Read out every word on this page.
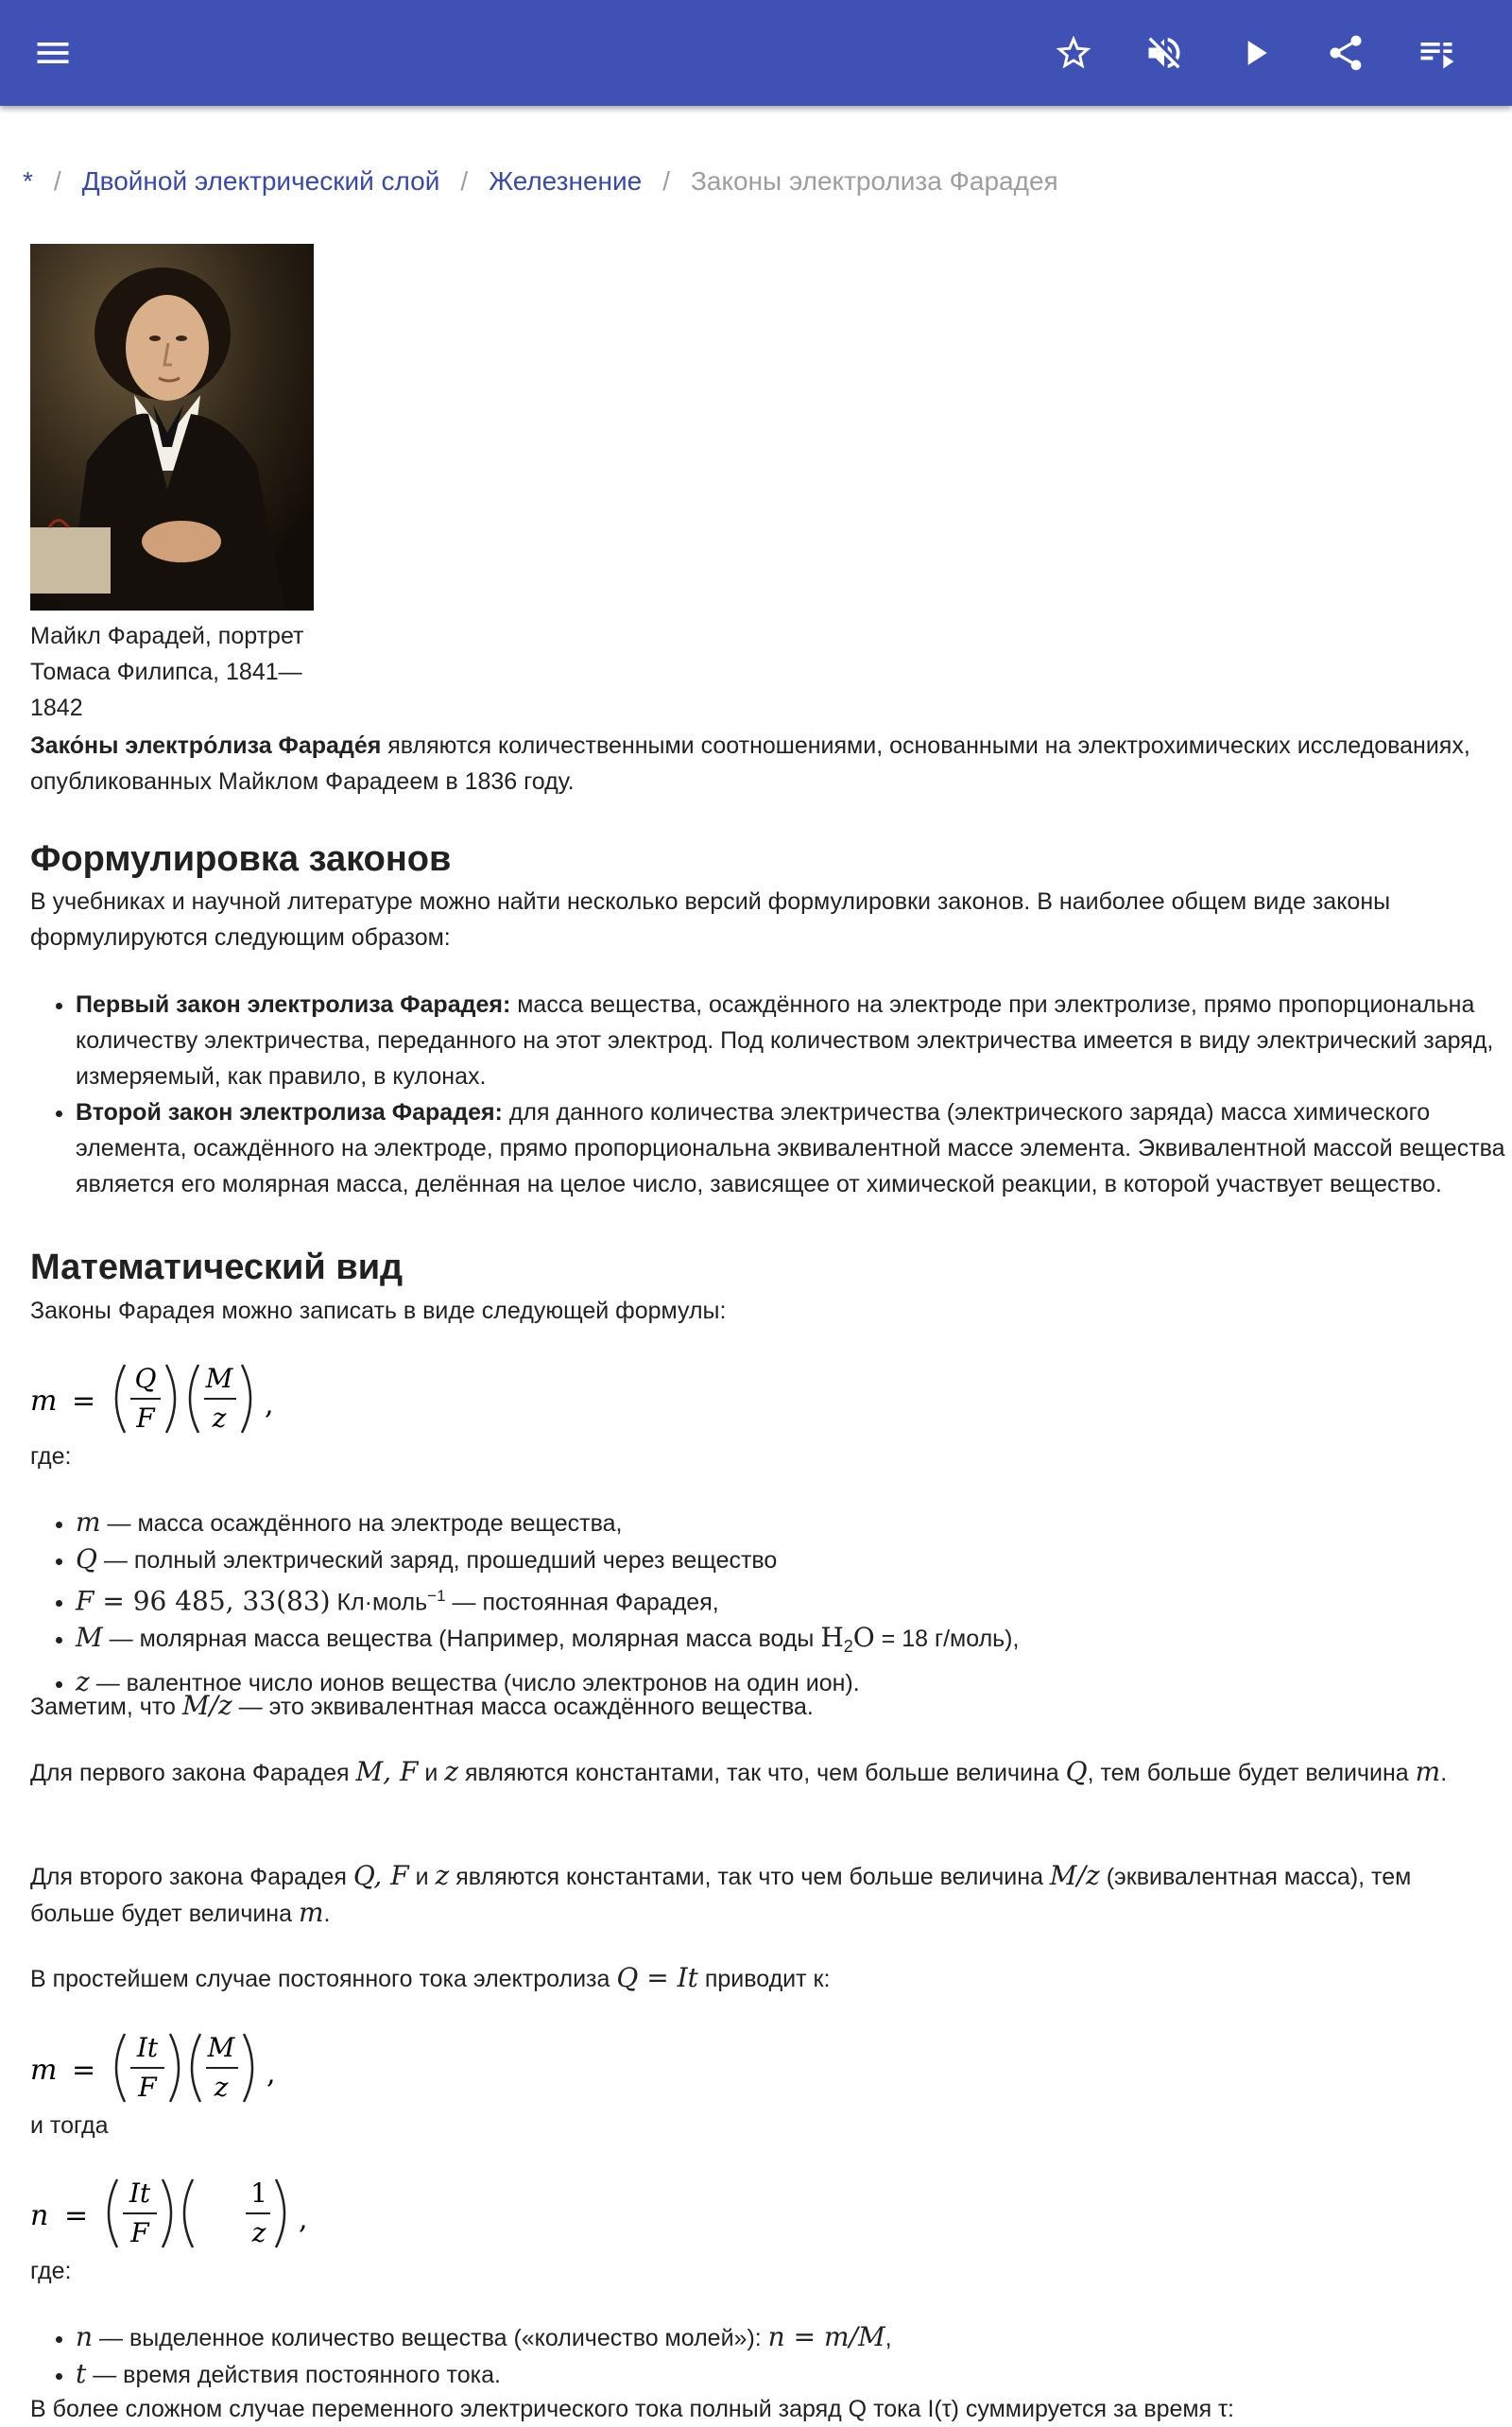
* / Двойной электрический слой / Железнение / Законы электролиза Фарадея
Майкл Фарадей, портрет Томаса Филипса, 1841—1842
Зако́ны электро́лиза Фараде́я являются количественными соотношениями, основанными на электрохимических исследованиях, опубликованных Майклом Фарадеем в 1836 году.
Формулировка законов
В учебниках и научной литературе можно найти несколько версий формулировки законов. В наиболее общем виде законы формулируются следующим образом:
• Первый закон электролиза Фарадея: масса вещества, осаждённого на электроде при электролизе, прямо пропорциональна количеству электричества, переданного на этот электрод. Под количеством электричества имеется в виду электрический заряд, измеряемый, как правило, в кулонах.
• Второй закон электролиза Фарадея: для данного количества электричества (электрического заряда) масса химического элемента, осаждённого на электроде, прямо пропорциональна эквивалентной массе элемента. Эквивалентной массой вещества является его молярная масса, делённая на целое число, зависящее от химической реакции, в которой участвует вещество.
Математический вид
Законы Фарадея можно записать в виде следующей формулы:
m =
Q
F
M
z ,
где:
• m — масса осаждённого на электроде вещества,
• Q — полный электрический заряд, прошедший через вещество
• F = 96 485, 33(83) Кл·моль$^{-1}$ — постоянная Фарадея,
• M — молярная масса вещества (Например, молярная масса воды $H_2O = 18$ г/моль),
• z — валентное число ионов вещества (число электронов на один ион).
Заметим, что M/z — это эквивалентная масса осаждённого вещества.
Для первого закона Фарадея M, F и z являются константами, так что, чем больше величина Q, тем больше будет величина m.
Для второго закона Фарадея Q, F и z являются константами, так что чем больше величина M/z (эквивалентная масса), тем больше будет величина m.
В простейшем случае постоянного тока электролиза Q = It приводит к:
m =
It
F
M
z ,
и тогда
n =
It
F
1
z ,
где:
• n — выделенное количество вещества («количество молей»): n = m/M,
• t — время действия постоянного тока.
В более сложном случае переменного электрического тока полный заряд Q тока I(τ) суммируется за время τ:
